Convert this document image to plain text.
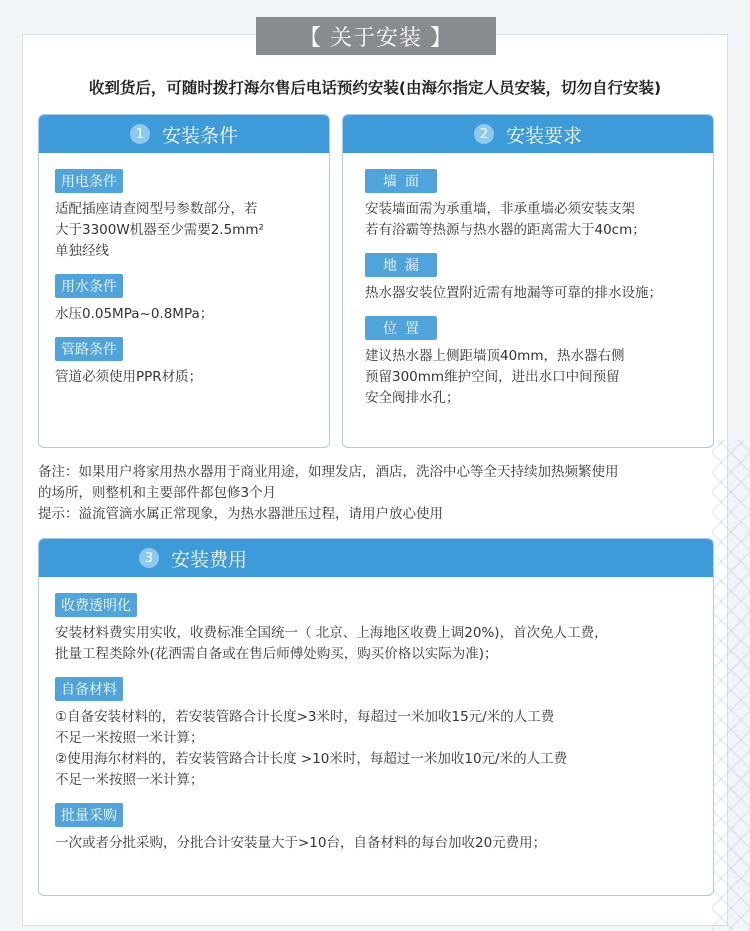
【 关于安装 】
收到货后，可随时拨打海尔售后电话预约安装(由海尔指定人员安装，切勿自行安装)
1 安装条件
用电条件
适配插座请查阅型号参数部分，若
大于3300W机器至少需要2.5mm²
单独经线
用水条件
水压0.05MPa~0.8MPa；
管路条件
管道必须使用PPR材质；
2 安装要求
墙面
安装墙面需为承重墙，非承重墙必须安装支架
若有浴霸等热源与热水器的距离需大于40cm；
地漏
热水器安装位置附近需有地漏等可靠的排水设施；
位置
建议热水器上侧距墙顶40mm，热水器右侧
预留300mm维护空间，进出水口中间预留
安全阀排水孔；
备注：如果用户将家用热水器用于商业用途，如理发店，酒店，洗浴中心等全天持续加热频繁使用
的场所，则整机和主要部件都包修3个月
提示：溢流管滴水属正常现象，为热水器泄压过程，请用户放心使用
3 安装费用
收费透明化
安装材料费实用实收，收费标准全国统一（ 北京、上海地区收费上调20%)，首次免人工费，
批量工程类除外(花洒需自备或在售后师傅处购买，购买价格以实际为准)；
自备材料
①自备安装材料的，若安装管路合计长度>3米时，每超过一米加收15元/米的人工费
不足一米按照一米计算；
②使用海尔材料的，若安装管路合计长度 >10米时，每超过一米加收10元/米的人工费
不足一米按照一米计算；
批量采购
一次或者分批采购，分批合计安装量大于>10台，自备材料的每台加收20元费用；
